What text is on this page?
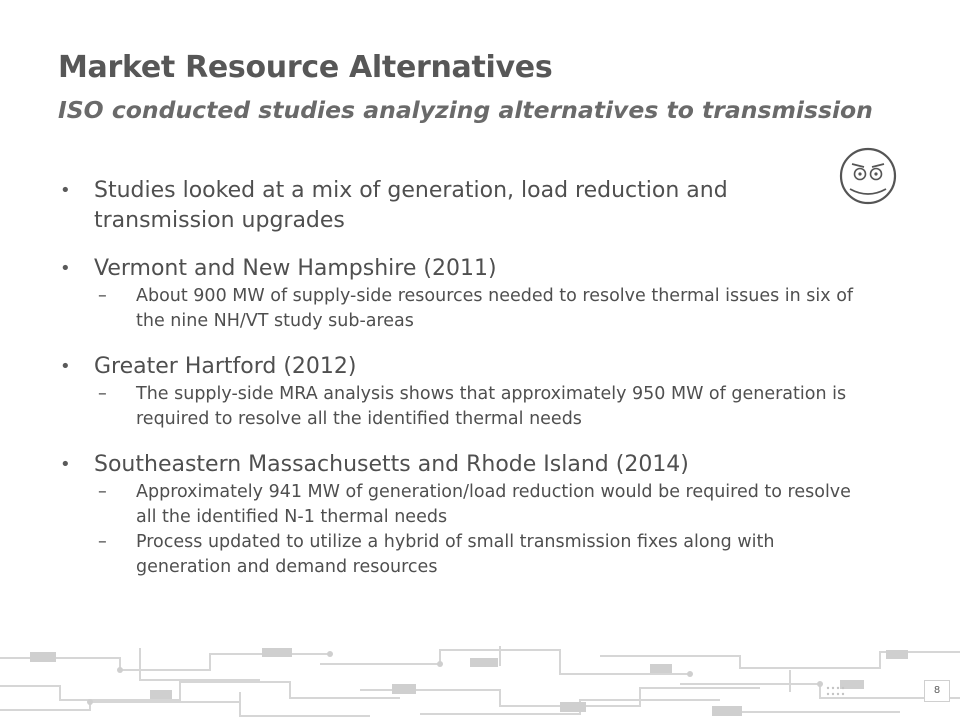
Market Resource Alternatives
ISO conducted studies analyzing alternatives to transmission
• Studies looked at a mix of generation, load reduction and transmission upgrades
• Vermont and New Hampshire (2011)
– About 900 MW of supply-side resources needed to resolve thermal issues in six of the nine NH/VT study sub-areas
• Greater Hartford (2012)
– The supply-side MRA analysis shows that approximately 950 MW of generation is required to resolve all the identified thermal needs
• Southeastern Massachusetts and Rhode Island (2014)
– Approximately 941 MW of generation/load reduction would be required to resolve all the identified N-1 thermal needs
– Process updated to utilize a hybrid of small transmission fixes along with generation and demand resources
8
